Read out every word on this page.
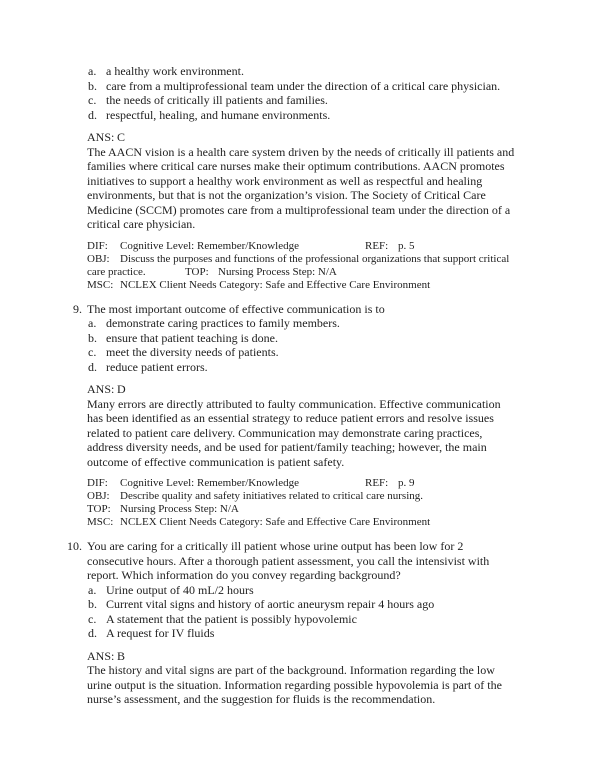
a. a healthy work environment.
b. care from a multiprofessional team under the direction of a critical care physician.
c. the needs of critically ill patients and families.
d. respectful, healing, and humane environments.
ANS: C
The AACN vision is a health care system driven by the needs of critically ill patients and
families where critical care nurses make their optimum contributions. AACN promotes
initiatives to support a healthy work environment as well as respectful and healing
environments, but that is not the organization’s vision. The Society of Critical Care
Medicine (SCCM) promotes care from a multiprofessional team under the direction of a
critical care physician.
DIF: Cognitive Level: Remember/Knowledge	REF: p. 5
OBJ: Discuss the purposes and functions of the professional organizations that support critical
care practice.	TOP: Nursing Process Step: N/A
MSC: NCLEX Client Needs Category: Safe and Effective Care Environment
9. The most important outcome of effective communication is to
a. demonstrate caring practices to family members.
b. ensure that patient teaching is done.
c. meet the diversity needs of patients.
d. reduce patient errors.
ANS: D
Many errors are directly attributed to faulty communication. Effective communication
has been identified as an essential strategy to reduce patient errors and resolve issues
related to patient care delivery. Communication may demonstrate caring practices,
address diversity needs, and be used for patient/family teaching; however, the main
outcome of effective communication is patient safety.
DIF: Cognitive Level: Remember/Knowledge	REF: p. 9
OBJ: Describe quality and safety initiatives related to critical care nursing.
TOP: Nursing Process Step: N/A
MSC: NCLEX Client Needs Category: Safe and Effective Care Environment
10. You are caring for a critically ill patient whose urine output has been low for 2
consecutive hours. After a thorough patient assessment, you call the intensivist with
report. Which information do you convey regarding background?
a. Urine output of 40 mL/2 hours
b. Current vital signs and history of aortic aneurysm repair 4 hours ago
c. A statement that the patient is possibly hypovolemic
d. A request for IV fluids
ANS: B
The history and vital signs are part of the background. Information regarding the low
urine output is the situation. Information regarding possible hypovolemia is part of the
nurse’s assessment, and the suggestion for fluids is the recommendation.
